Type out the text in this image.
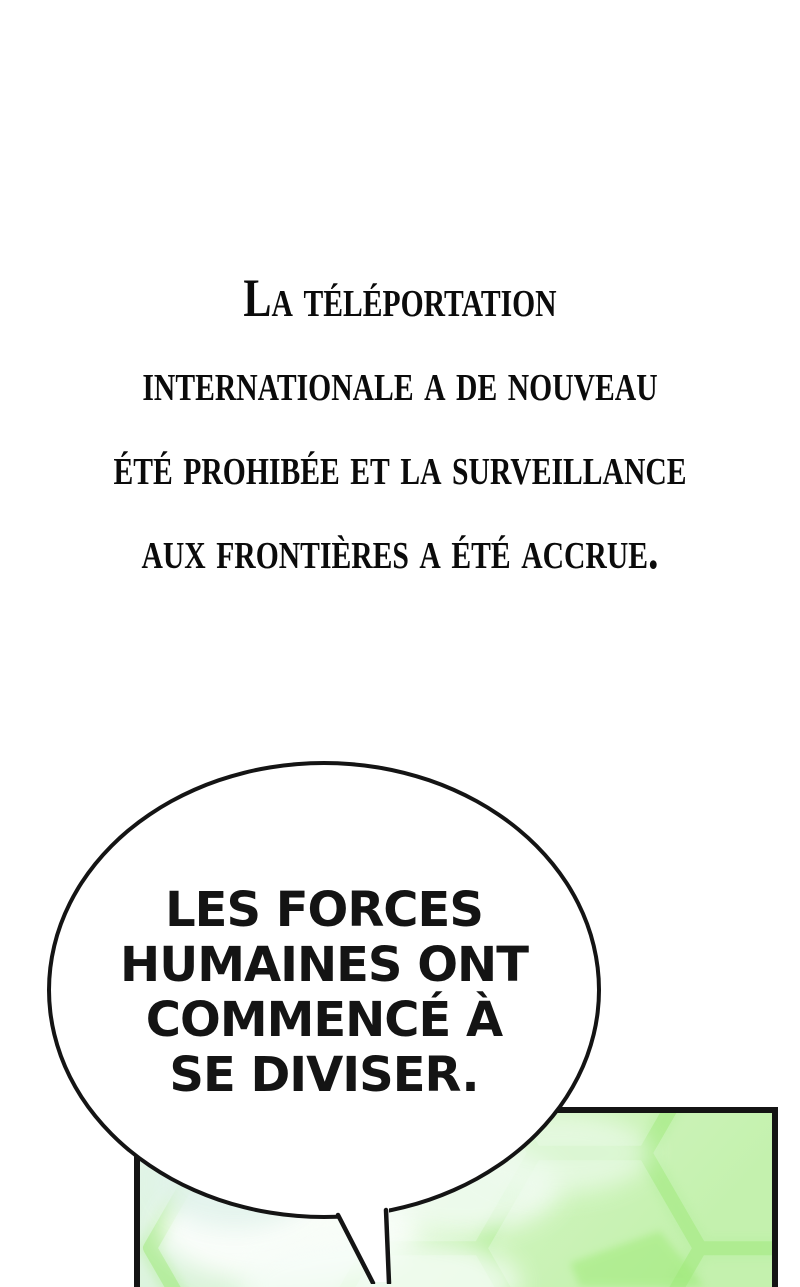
La téléportation
internationale a de nouveau
été prohibée et la surveillance
aux frontières a été accrue.
LES FORCES
HUMAINES ONT
COMMENCÉ À
SE DIVISER.
